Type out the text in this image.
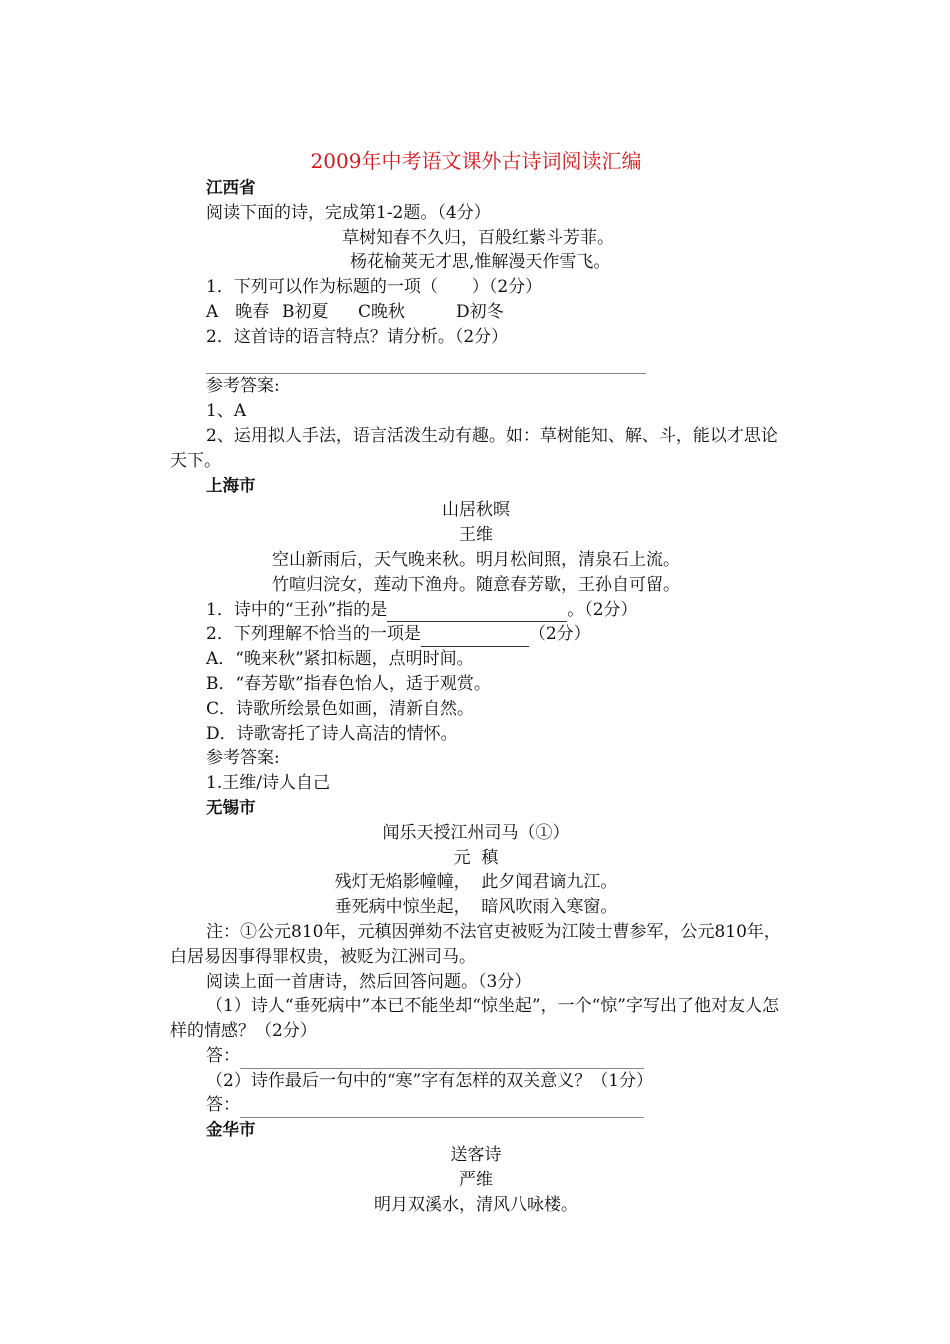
2009年中考语文课外古诗词阅读汇编
江西省
阅读下面的诗，完成第1-2题。（4分）
草树知春不久归，百般红紫斗芳菲。
杨花榆荚无才思,惟解漫天作雪飞。
1．下列可以作为标题的一项（　　）（2分）
A　晚春 B初夏 C晚秋	D初冬
2．这首诗的语言特点？请分析。（2分）
参考答案:
1、A
2、运用拟人手法，语言活泼生动有趣。如：草树能知、解、斗，能以才思论天下。
上海市
山居秋暝
王维
空山新雨后，天气晚来秋。明月松间照，清泉石上流。
竹喧归浣女，莲动下渔舟。随意春芳歇，王孙自可留。
1．诗中的“王孙”指的是	。（2分）
2．下列理解不恰当的一项是	（2分）
A．“晚来秋”紧扣标题，点明时间。
B．“春芳歇”指春色怡人，适于观赏。
C．诗歌所绘景色如画，清新自然。
D．诗歌寄托了诗人高洁的情怀。
参考答案:
1.王维/诗人自己
无锡市
闻乐天授江州司马（①）
元  稹
残灯无焰影幢幢，  此夕闻君谪九江。
垂死病中惊坐起，  暗风吹雨入寒窗。
注：①公元810年，元稹因弹劾不法官吏被贬为江陵士曹参军，公元810年，白居易因事得罪权贵，被贬为江洲司马。
阅读上面一首唐诗，然后回答问题。（3分）
（1）诗人“垂死病中”本已不能坐却“惊坐起”，一个“惊”字写出了他对友人怎样的情感？（2分）
答：
（2）诗作最后一句中的“寒”字有怎样的双关意义？（1分）
答：
金华市
送客诗
严维
明月双溪水，清风八咏楼。
